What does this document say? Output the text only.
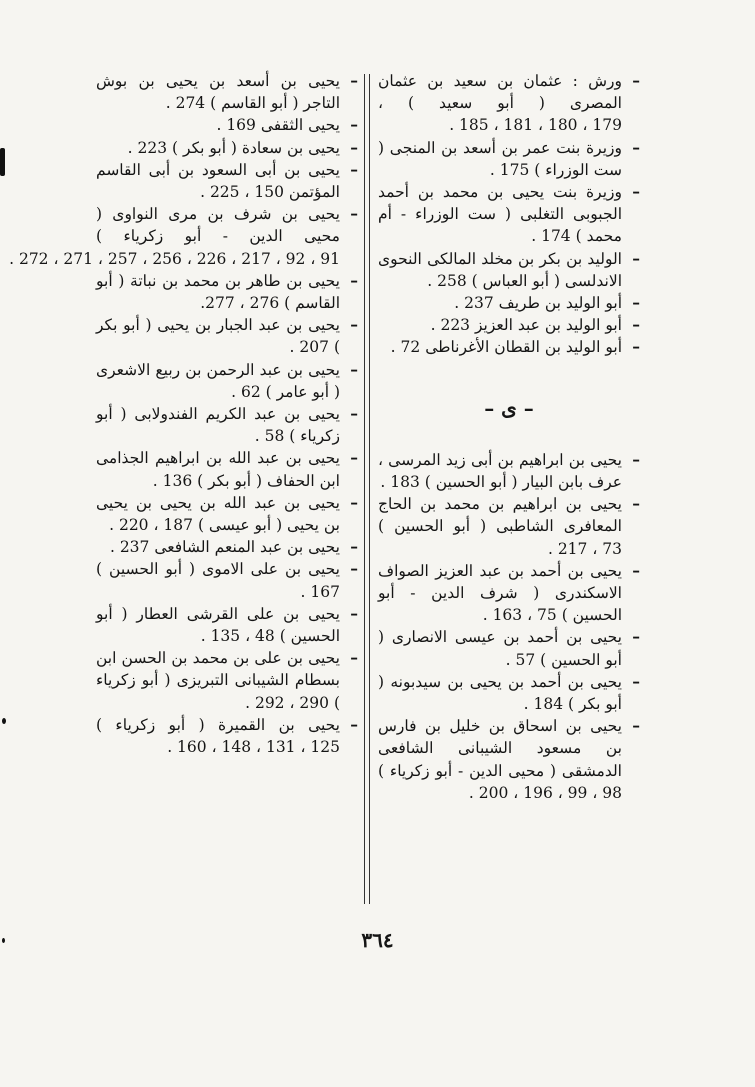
–
ورش : عثمان بن سعيد بن عثمان المصرى ( أبو سعيد ) ، 179 ، 180 ، 181 ، 185 .

–
وزيرة بنت عمر بن أسعد بن المنجى ( ست الوزراء ) 175 .

–
وزيرة بنت يحيى بن محمد بن أحمد الجبوبى التغلبى ( ست الوزراء - أم محمد ) 174 .

–
الوليد بن بكر بن مخلد المالكى النحوى الاندلسى ( أبو العباس ) 258 .

–
أبو الوليد بن طريف 237 .

–
أبو الوليد بن عبد العزيز 223 .

–
أبو الوليد بن القطان الأغرناطى 72 .

– ى –

–
يحيى بن ابراهيم بن أبى زيد المرسى ، عرف بابن البيار ( أبو الحسين ) 183 .

–
يحيى بن ابراهيم بن محمد بن الحاج المعافرى الشاطبى ( أبو الحسين ) 73 ، 217 .

–
يحيى بن أحمد بن عبد العزيز الصواف الاسكندرى ( شرف الدين - أبو الحسين ) 75 ، 163 .

–
يحيى بن أحمد بن عيسى الانصارى ( أبو الحسين ) 57 .

–
يحيى بن أحمد بن يحيى بن سيدبونه ( أبو بكر ) 184 .

–
يحيى بن اسحاق بن خليل بن فارس بن مسعود الشيبانى الشافعى الدمشقى ( محيى الدين - أبو زكرياء ) 98 ، 99 ، 196 ، 200 .

–
يحيى بن أسعد بن يحيى بن بوش التاجر ( أبو القاسم ) 274 .

–
يحيى الثقفى 169 .

–
يحيى بن سعادة ( أبو بكر ) 223 .

–
يحيى بن أبى السعود بن أبى القاسم المؤتمن 150 ، 225 .

–
يحيى بن شرف بن مرى النواوى ( محيى الدين - أبو زكرياء ) 91 ، 92 ، 217 ، 226 ، 256 ، 257 ، 271 ، 272 .

–
يحيى بن طاهر بن محمد بن نباتة ( أبو القاسم ) 276 ، 277.

–
يحيى بن عبد الجبار بن يحيى ( أبو بكر ) 207 .

–
يحيى بن عبد الرحمن بن ربيع الاشعرى ( أبو عامر ) 62 .

–
يحيى بن عبد الكريم الفندولابى ( أبو زكرياء ) 58 .

–
يحيى بن عبد الله بن ابراهيم الجذامى ابن الحفاف ( أبو بكر ) 136 .

–
يحيى بن عبد الله بن يحيى بن يحيى بن يحيى ( أبو عيسى ) 187 ، 220 .

–
يحيى بن عبد المنعم الشافعى 237 .

–
يحيى بن على الاموى ( أبو الحسين ) 167 .

–
يحيى بن على القرشى العطار ( أبو الحسين ) 48 ، 135 .

–
يحيى بن على بن محمد بن الحسن ابن بسطام الشيبانى التبريزى ( أبو زكرياء ) 290 ، 292 .

–
يحيى بن القميرة ( أبو زكرياء ) 125 ، 131 ، 148 ، 160 .

٣٦٤
